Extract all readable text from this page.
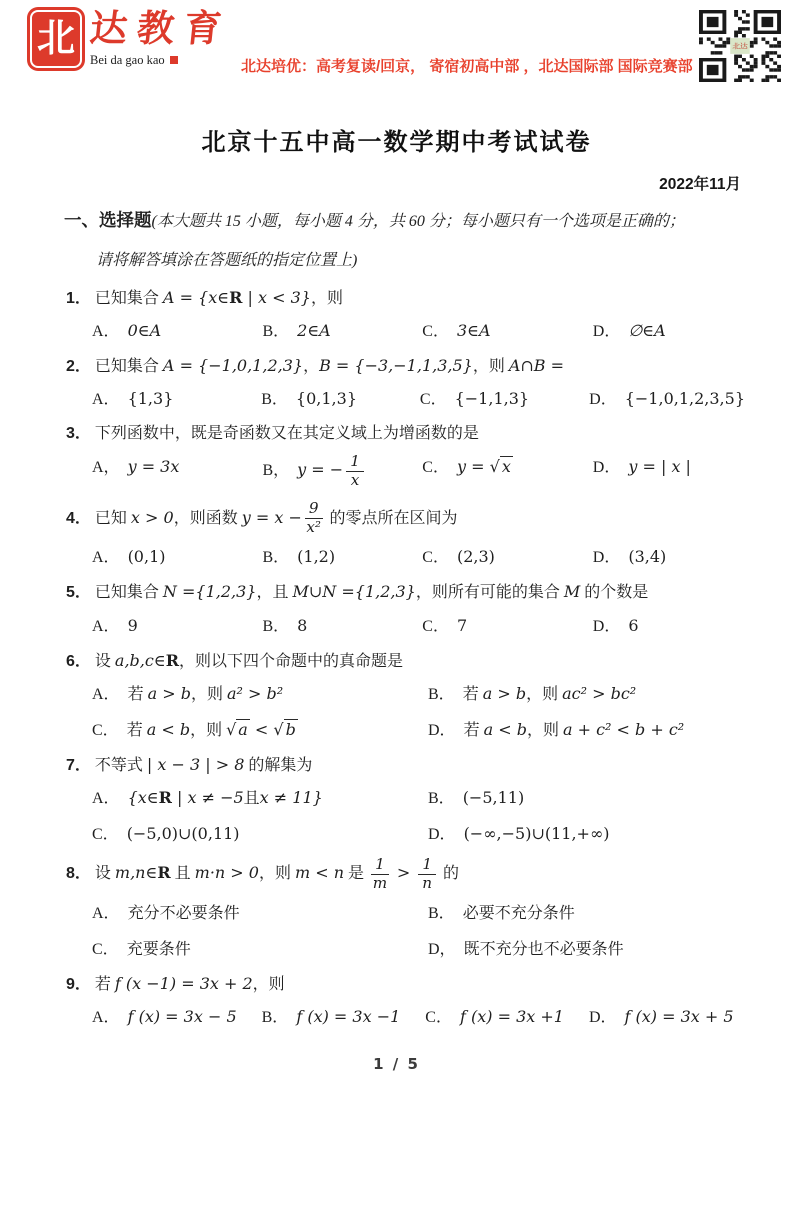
北 达教育
Bei da gao kao	北达培优：高考复读/回京， 寄宿初高中部 ，北达国际部 国际竞赛部
北达
北京十五中高一数学期中考试试卷
2022年11月
一、选择题(本大题共 15 小题，每小题 4 分，共 60 分；每小题只有一个选项是正确的；
请将解答填涂在答题纸的指定位置上)
1． 已知集合 A = {x∈R | x < 3}，则
A． 0∈A	B． 2∈A	C． 3∈A	D． ∅∈A
2． 已知集合 A = {−1,0,1,2,3}，B = {−3,−1,1,3,5}，则 A∩B =
A． {1,3}	B． {0,1,3}	C． {−1,1,3}	D． {−1,0,1,2,3,5}
3． 下列函数中，既是奇函数又在其定义域上为增函数的是
A， y = 3x	B， y = − $\frac{1}{x}$	C． y = √ x	D． y = | x |
4． 已知 x > 0，则函数 $y = x - \frac{9}{\text{x²}}$ 的零点所在区间为
A． (0,1)	B． (1,2)	C． (2,3)	D． (3,4)
5． 已知集合 N ={1,2,3}，且 M∪N ={1,2,3}，则所有可能的集合 M 的个数是
A． 9	B． 8	C． 7	D． 6
6． 设 a,b,c∈R，则以下四个命题中的真命题是
A． 若 a > b，则 a² > b²	B． 若 a > b，则 ac² > bc²
C． 若 a < b，则 √ a < √ b	D． 若 a < b，则 a + c² < b + c²
7． 不等式 | x − 3 | > 8 的解集为
A． {x∈R | x ≠ −5且x ≠ 11}	B． (−5,11)
C． (−5,0)∪(0,11)	D． (−∞,−5)∪(11,+∞)
8． 设 m,n∈R 且 m·n > 0，则 m < n 是 $\frac{1}{m} > \frac{1}{n}$ 的
A． 充分不必要条件	B． 必要不充分条件
C． 充要条件	D， 既不充分也不必要条件
9． 若 f (x −1) = 3x + 2，则
A． f (x) = 3x − 5 B． f (x) = 3x −1 C． f (x) = 3x +1 D． f (x) = 3x + 5
1 / 5
